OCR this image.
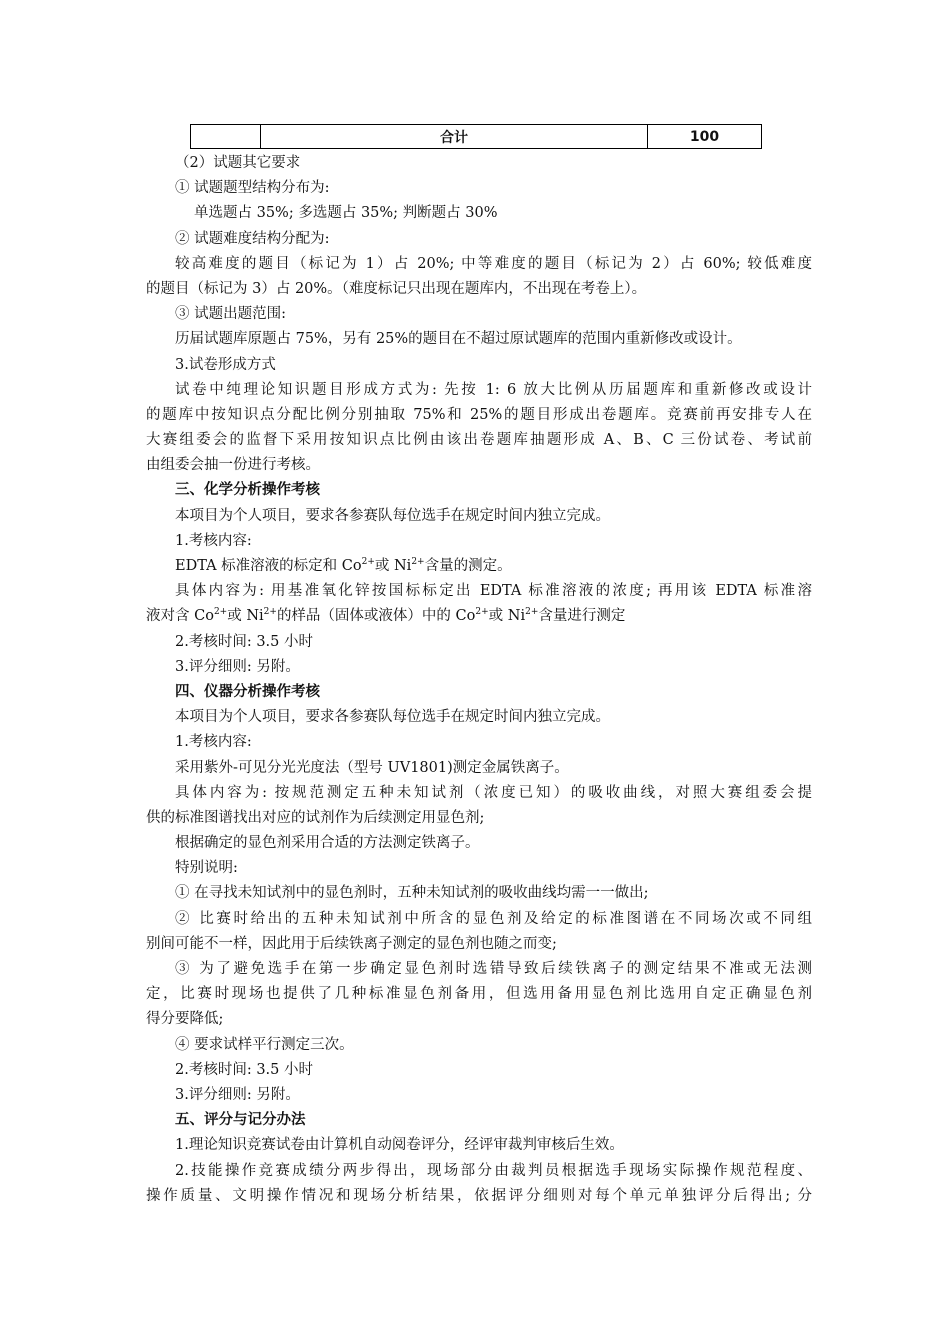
	合计	100
（2）试题其它要求
① 试题题型结构分布为:
单选题占 35%; 多选题占 35%; 判断题占 30%
② 试题难度结构分配为:
较高难度的题目（标记为 1）占 20%; 中等难度的题目（标记为 2）占 60%; 较低难度
的题目（标记为 3）占 20%。（难度标记只出现在题库内，不出现在考卷上）。
③ 试题出题范围:
历届试题库原题占 75%，另有 25%的题目在不超过原试题库的范围内重新修改或设计。
3.试卷形成方式
试卷中纯理论知识题目形成方式为: 先按 1: 6 放大比例从历届题库和重新修改或设计
的题库中按知识点分配比例分别抽取 75%和 25%的题目形成出卷题库。竞赛前再安排专人在
大赛组委会的监督下采用按知识点比例由该出卷题库抽题形成 A、B、C 三份试卷、考试前
由组委会抽一份进行考核。
三、化学分析操作考核
本项目为个人项目，要求各参赛队每位选手在规定时间内独立完成。
1.考核内容:
EDTA 标准溶液的标定和 $Co^{2+}$或 $Ni^{2+}$含量的测定。
具体内容为: 用基准氧化锌按国标标定出 EDTA 标准溶液的浓度; 再用该 EDTA 标准溶
液对含 $Co^{2+}$或 $Ni^{2+}$的样品（固体或液体）中的 $Co^{2+}$或 $Ni^{2+}$含量进行测定
2.考核时间: 3.5 小时
3.评分细则: 另附。
四、仪器分析操作考核
本项目为个人项目，要求各参赛队每位选手在规定时间内独立完成。
1.考核内容:
采用紫外-可见分光光度法（型号 UV1801)测定金属铁离子。
具体内容为: 按规范测定五种未知试剂（浓度已知）的吸收曲线，对照大赛组委会提
供的标准图谱找出对应的试剂作为后续测定用显色剂;
根据确定的显色剂采用合适的方法测定铁离子。
特别说明:
① 在寻找未知试剂中的显色剂时，五种未知试剂的吸收曲线均需一一做出;
② 比赛时给出的五种未知试剂中所含的显色剂及给定的标准图谱在不同场次或不同组
别间可能不一样，因此用于后续铁离子测定的显色剂也随之而变;
③ 为了避免选手在第一步确定显色剂时选错导致后续铁离子的测定结果不准或无法测
定，比赛时现场也提供了几种标准显色剂备用，但选用备用显色剂比选用自定正确显色剂
得分要降低;
④ 要求试样平行测定三次。
2.考核时间: 3.5 小时
3.评分细则: 另附。
五、评分与记分办法
1.理论知识竞赛试卷由计算机自动阅卷评分，经评审裁判审核后生效。
2.技能操作竞赛成绩分两步得出，现场部分由裁判员根据选手现场实际操作规范程度、
操作质量、文明操作情况和现场分析结果，依据评分细则对每个单元单独评分后得出; 分
